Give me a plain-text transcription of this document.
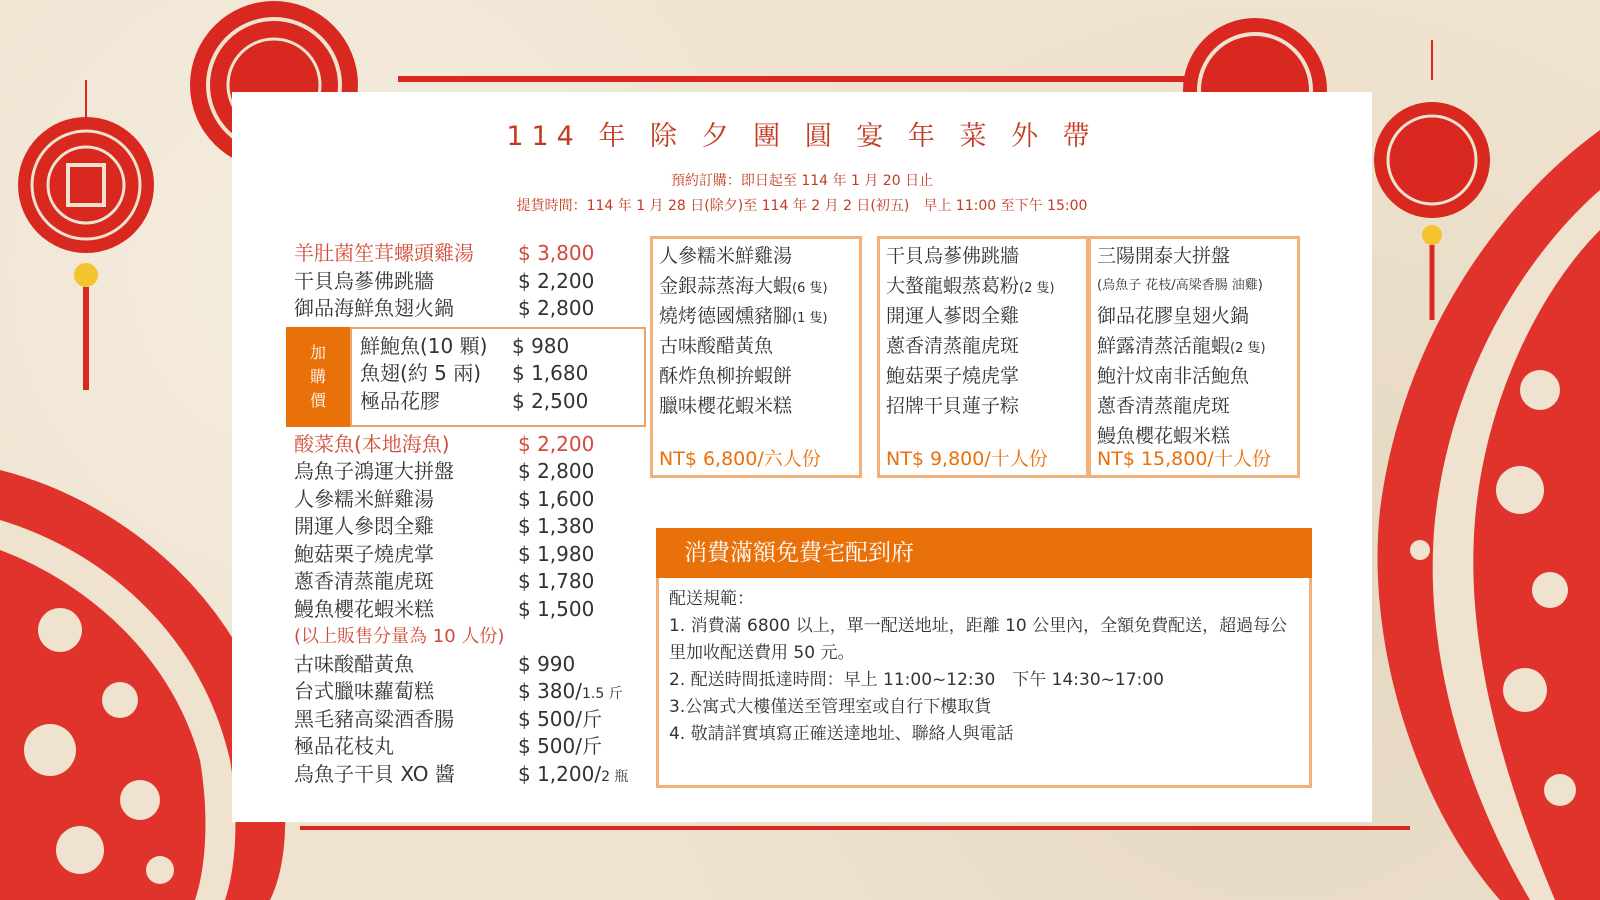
114 年 除 夕 團 圓 宴 年 菜 外 帶
預約訂購：即日起至 114 年 1 月 20 日止
提貨時間：114 年 1 月 28 日(除夕)至 114 年 2 月 2 日(初五)　早上 11:00 至下午 15:00
羊肚菌笙茸螺頭雞湯 $ 3,800
干貝烏蔘佛跳牆	$ 2,200
御品海鮮魚翅火鍋	$ 2,800
加
購
價
鮮鮑魚(10 顆) $ 980
魚翅(約 5 兩) $ 1,680
極品花膠	$ 2,500
酸菜魚(本地海魚)	$ 2,200
烏魚子鴻運大拼盤	$ 2,800
人參糯米鮮雞湯	$ 1,600
開運人參悶全雞	$ 1,380
鮑菇栗子燒虎掌	$ 1,980
蔥香清蒸龍虎斑	$ 1,780
鰻魚櫻花蝦米糕	$ 1,500
(以上販售分量為 10 人份)
古味酸醋黃魚	$ 990
台式臘味蘿蔔糕	$ 380/1.5 斤
黑毛豬高粱酒香腸	$ 500/斤
極品花枝丸	$ 500/斤
烏魚子干貝 XO 醬	$ 1,200/2 瓶
人參糯米鮮雞湯
金銀蒜蒸海大蝦(6 隻)
燒烤德國燻豬腳(1 隻)
古味酸醋黃魚
酥炸魚柳拚蝦餅
臘味櫻花蝦米糕
NT$ 6,800/六人份
干貝烏蔘佛跳牆
大螯龍蝦蒸葛粉(2 隻)
開運人蔘悶全雞
蔥香清蒸龍虎斑
鮑菇栗子燒虎掌
招牌干貝蓮子粽
NT$ 9,800/十人份
三陽開泰大拼盤
(烏魚子 花枝/高梁香腸 油雞)
御品花膠皇翅火鍋
鮮露清蒸活龍蝦(2 隻)
鮑汁炆南非活鮑魚
蔥香清蒸龍虎斑
鰻魚櫻花蝦米糕
NT$ 15,800/十人份
消費滿額免費宅配到府
配送規範：
1. 消費滿 6800 以上，單一配送地址，距離 10 公里內，全額免費配送，超過每公里加收配送費用 50 元。
2. 配送時間抵達時間：早上 11:00~12:30　下午 14:30~17:00
3.公寓式大樓僅送至管理室或自行下樓取貨
4. 敬請詳實填寫正確送達地址、聯絡人與電話
